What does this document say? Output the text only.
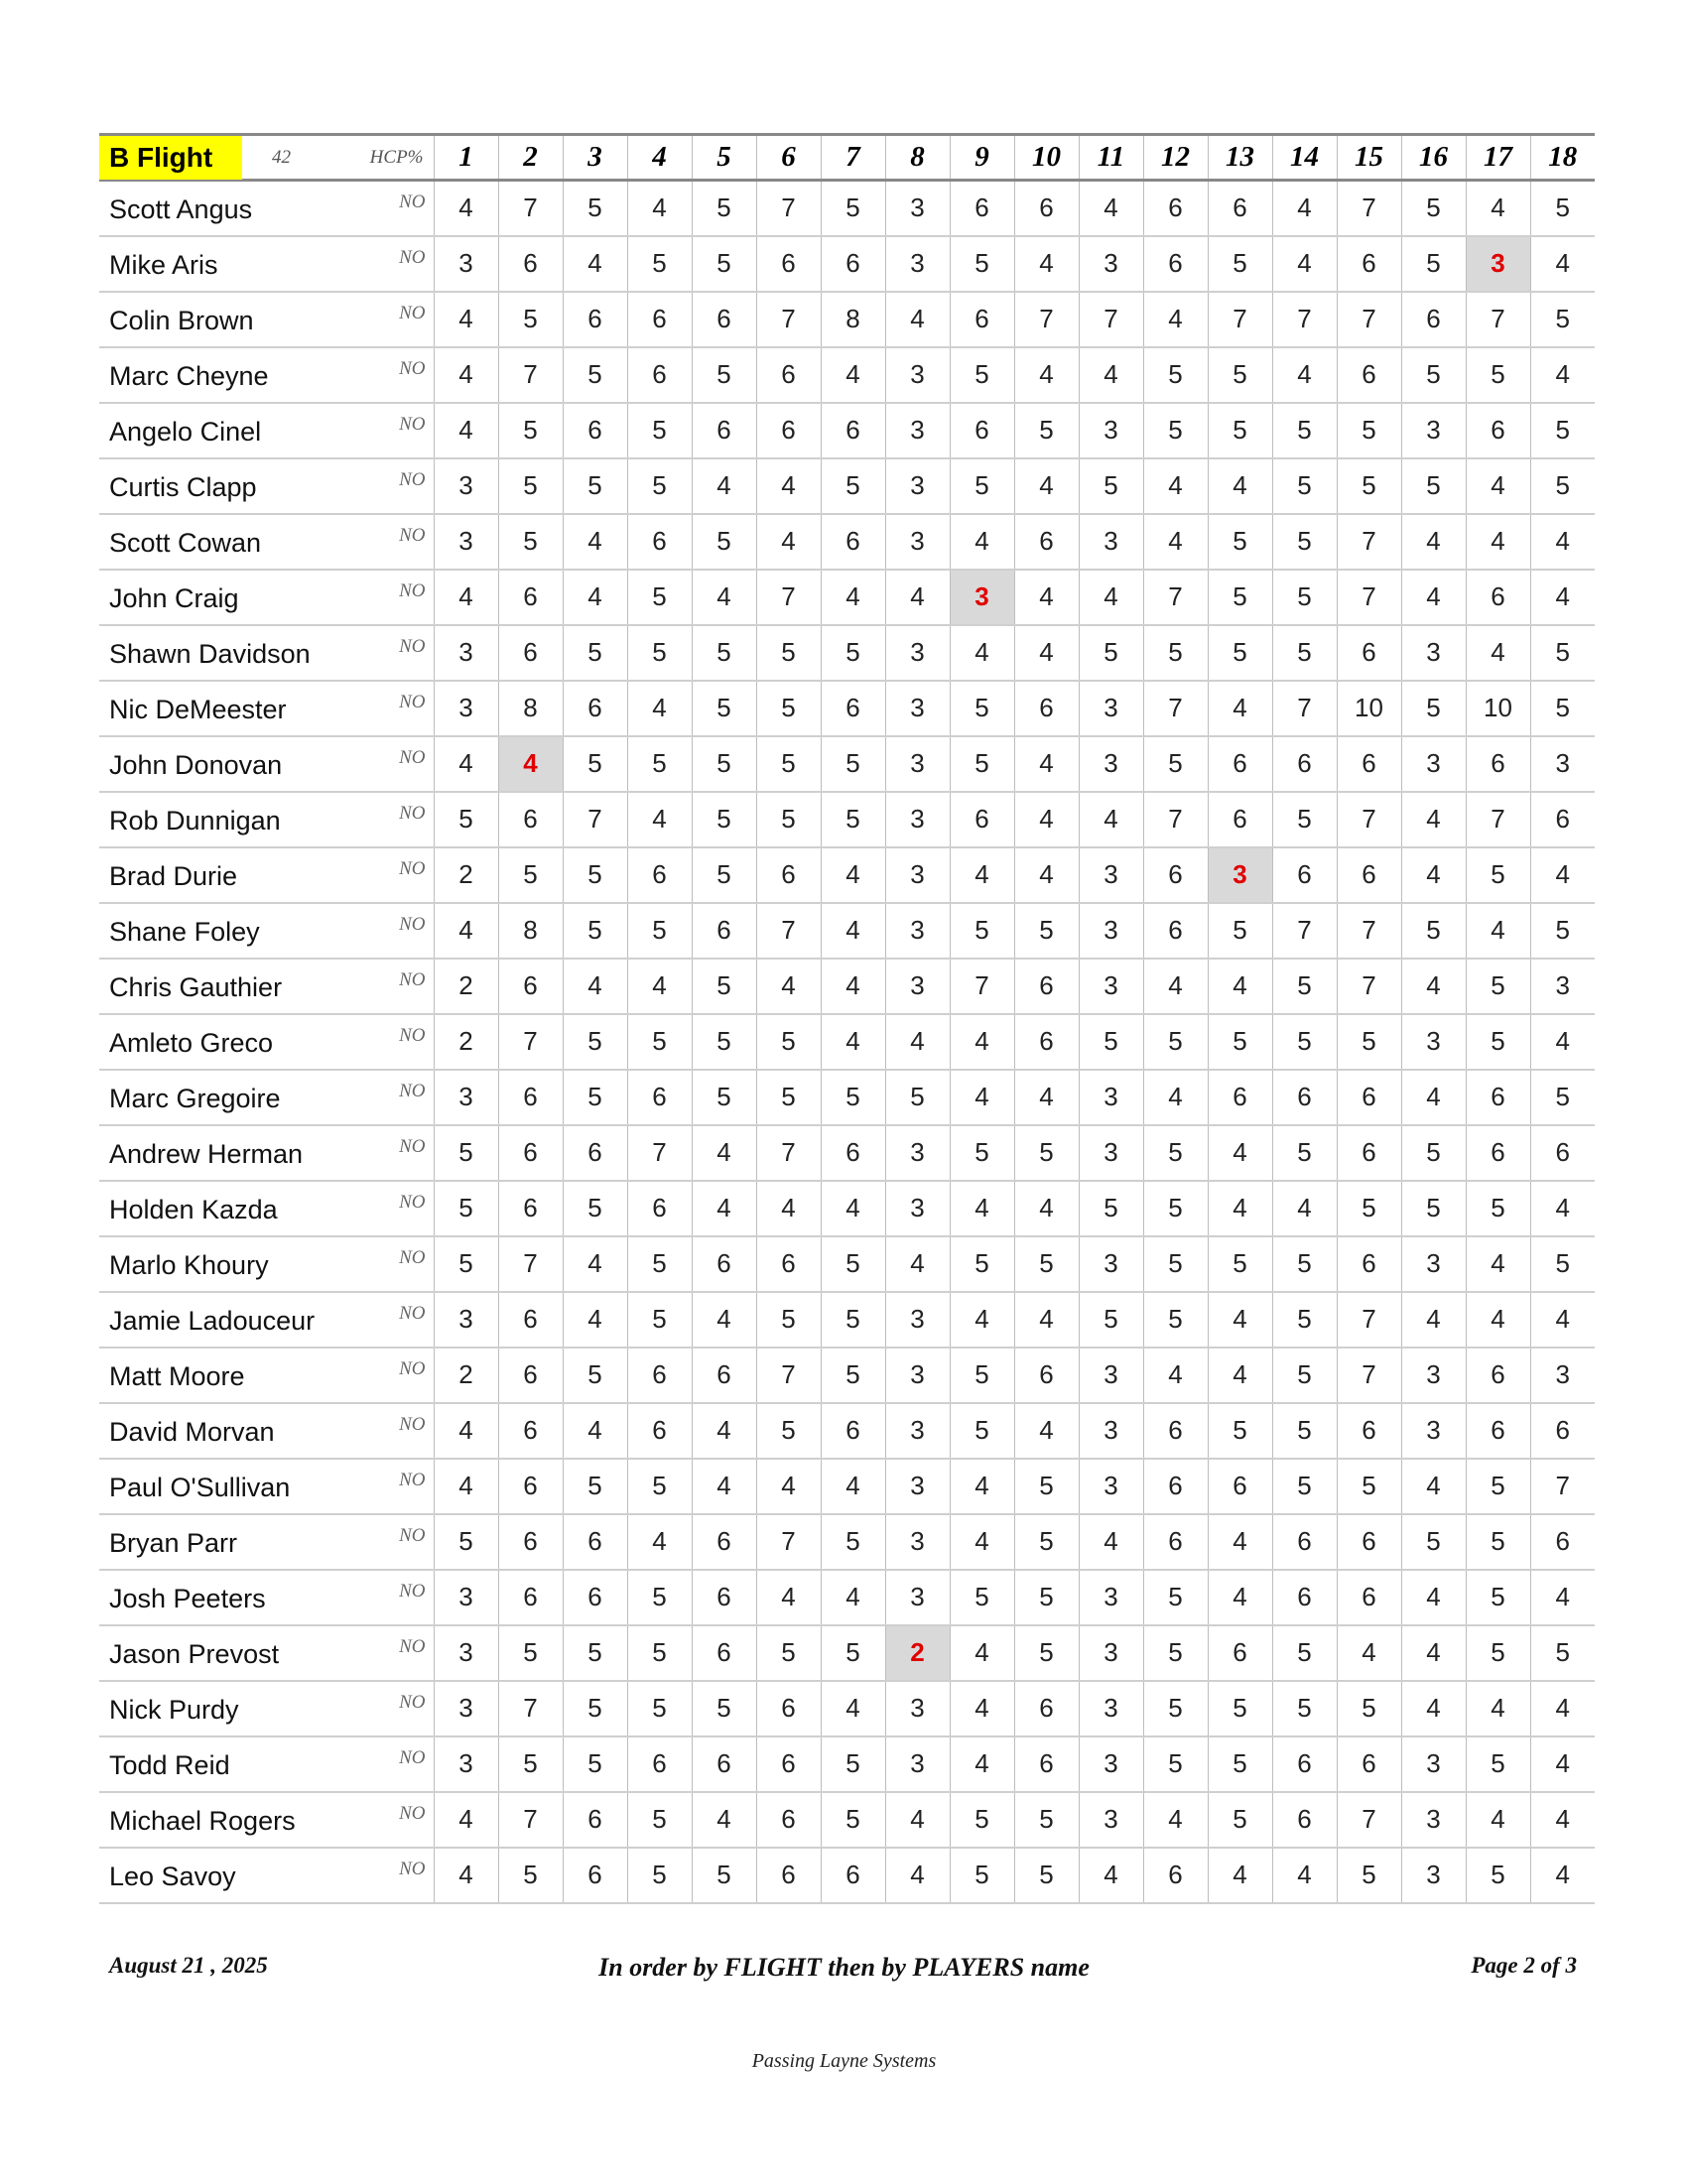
B Flight 42 HCP%	1	2	3	4	5	6	7	8	9	10	11	12	13	14	15	16	17	18

Scott Angus NO	4	7	5	4	5	7	5	3	6	6	4	6	6	4	7	5	4	5

Mike Aris NO	3	6	4	5	5	6	6	3	5	4	3	6	5	4	6	5	3	4

Colin Brown NO	4	5	6	6	6	7	8	4	6	7	7	4	7	7	7	6	7	5

Marc Cheyne NO	4	7	5	6	5	6	4	3	5	4	4	5	5	4	6	5	5	4

Angelo Cinel NO	4	5	6	5	6	6	6	3	6	5	3	5	5	5	5	3	6	5

Curtis Clapp NO	3	5	5	5	4	4	5	3	5	4	5	4	4	5	5	5	4	5

Scott Cowan NO	3	5	4	6	5	4	6	3	4	6	3	4	5	5	7	4	4	4

John Craig NO	4	6	4	5	4	7	4	4	3	4	4	7	5	5	7	4	6	4

Shawn Davidson NO	3	6	5	5	5	5	5	3	4	4	5	5	5	5	6	3	4	5

Nic DeMeester NO	3	8	6	4	5	5	6	3	5	6	3	7	4	7	10	5	10	5

John Donovan NO	4	4	5	5	5	5	5	3	5	4	3	5	6	6	6	3	6	3

Rob Dunnigan NO	5	6	7	4	5	5	5	3	6	4	4	7	6	5	7	4	7	6

Brad Durie NO	2	5	5	6	5	6	4	3	4	4	3	6	3	6	6	4	5	4

Shane Foley NO	4	8	5	5	6	7	4	3	5	5	3	6	5	7	7	5	4	5

Chris Gauthier NO	2	6	4	4	5	4	4	3	7	6	3	4	4	5	7	4	5	3

Amleto Greco NO	2	7	5	5	5	5	4	4	4	6	5	5	5	5	5	3	5	4

Marc Gregoire NO	3	6	5	6	5	5	5	5	4	4	3	4	6	6	6	4	6	5

Andrew Herman NO	5	6	6	7	4	7	6	3	5	5	3	5	4	5	6	5	6	6

Holden Kazda NO	5	6	5	6	4	4	4	3	4	4	5	5	4	4	5	5	5	4

Marlo Khoury NO	5	7	4	5	6	6	5	4	5	5	3	5	5	5	6	3	4	5

Jamie Ladouceur NO	3	6	4	5	4	5	5	3	4	4	5	5	4	5	7	4	4	4

Matt Moore NO	2	6	5	6	6	7	5	3	5	6	3	4	4	5	7	3	6	3

David Morvan NO	4	6	4	6	4	5	6	3	5	4	3	6	5	5	6	3	6	6

Paul O'Sullivan NO	4	6	5	5	4	4	4	3	4	5	3	6	6	5	5	4	5	7

Bryan Parr NO	5	6	6	4	6	7	5	3	4	5	4	6	4	6	6	5	5	6

Josh Peeters NO	3	6	6	5	6	4	4	3	5	5	3	5	4	6	6	4	5	4

Jason Prevost NO	3	5	5	5	6	5	5	2	4	5	3	5	6	5	4	4	5	5

Nick Purdy NO	3	7	5	5	5	6	4	3	4	6	3	5	5	5	5	4	4	4

Todd Reid NO	3	5	5	6	6	6	5	3	4	6	3	5	5	6	6	3	5	4

Michael Rogers NO	4	7	6	5	4	6	5	4	5	5	3	4	5	6	7	3	4	4

Leo Savoy NO	4	5	6	5	5	6	6	4	5	5	4	6	4	4	5	3	5	4
August 21 , 2025	In order by FLIGHT then by PLAYERS name	Page 2 of 3
Passing Layne Systems
